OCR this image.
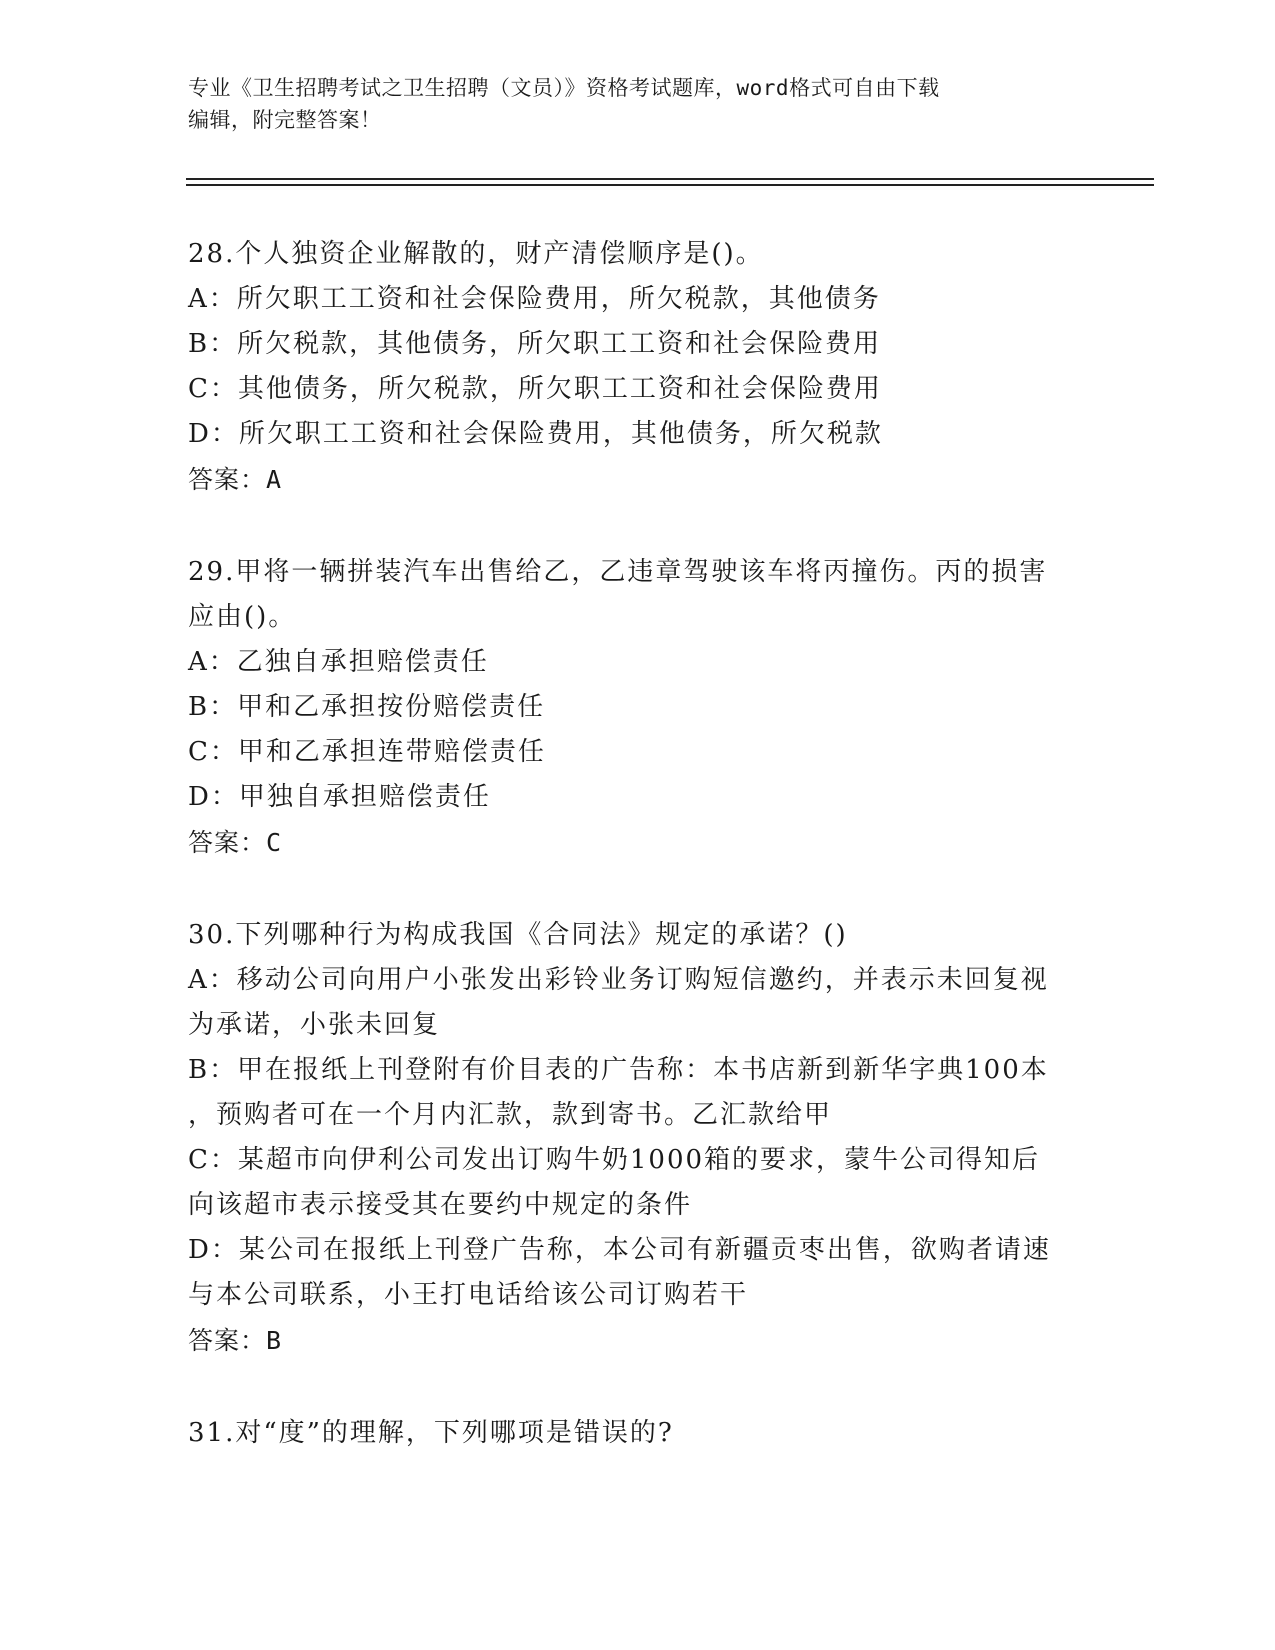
专业《卫生招聘考试之卫生招聘（文员）》资格考试题库，word格式可自由下载
编辑，附完整答案！
28.个人独资企业解散的，财产清偿顺序是()。
A：所欠职工工资和社会保险费用，所欠税款，其他债务
B：所欠税款，其他债务，所欠职工工资和社会保险费用
C：其他债务，所欠税款，所欠职工工资和社会保险费用
D：所欠职工工资和社会保险费用，其他债务，所欠税款
答案：A
29.甲将一辆拼装汽车出售给乙，乙违章驾驶该车将丙撞伤。丙的损害
应由()。
A：乙独自承担赔偿责任
B：甲和乙承担按份赔偿责任
C：甲和乙承担连带赔偿责任
D：甲独自承担赔偿责任
答案：C
30.下列哪种行为构成我国《合同法》规定的承诺？()
A：移动公司向用户小张发出彩铃业务订购短信邀约，并表示未回复视
为承诺，小张未回复
B：甲在报纸上刊登附有价目表的广告称：本书店新到新华字典100本
，预购者可在一个月内汇款，款到寄书。乙汇款给甲
C：某超市向伊利公司发出订购牛奶1000箱的要求，蒙牛公司得知后
向该超市表示接受其在要约中规定的条件
D：某公司在报纸上刊登广告称，本公司有新疆贡枣出售，欲购者请速
与本公司联系，小王打电话给该公司订购若干
答案：B
31.对“度”的理解，下列哪项是错误的?
